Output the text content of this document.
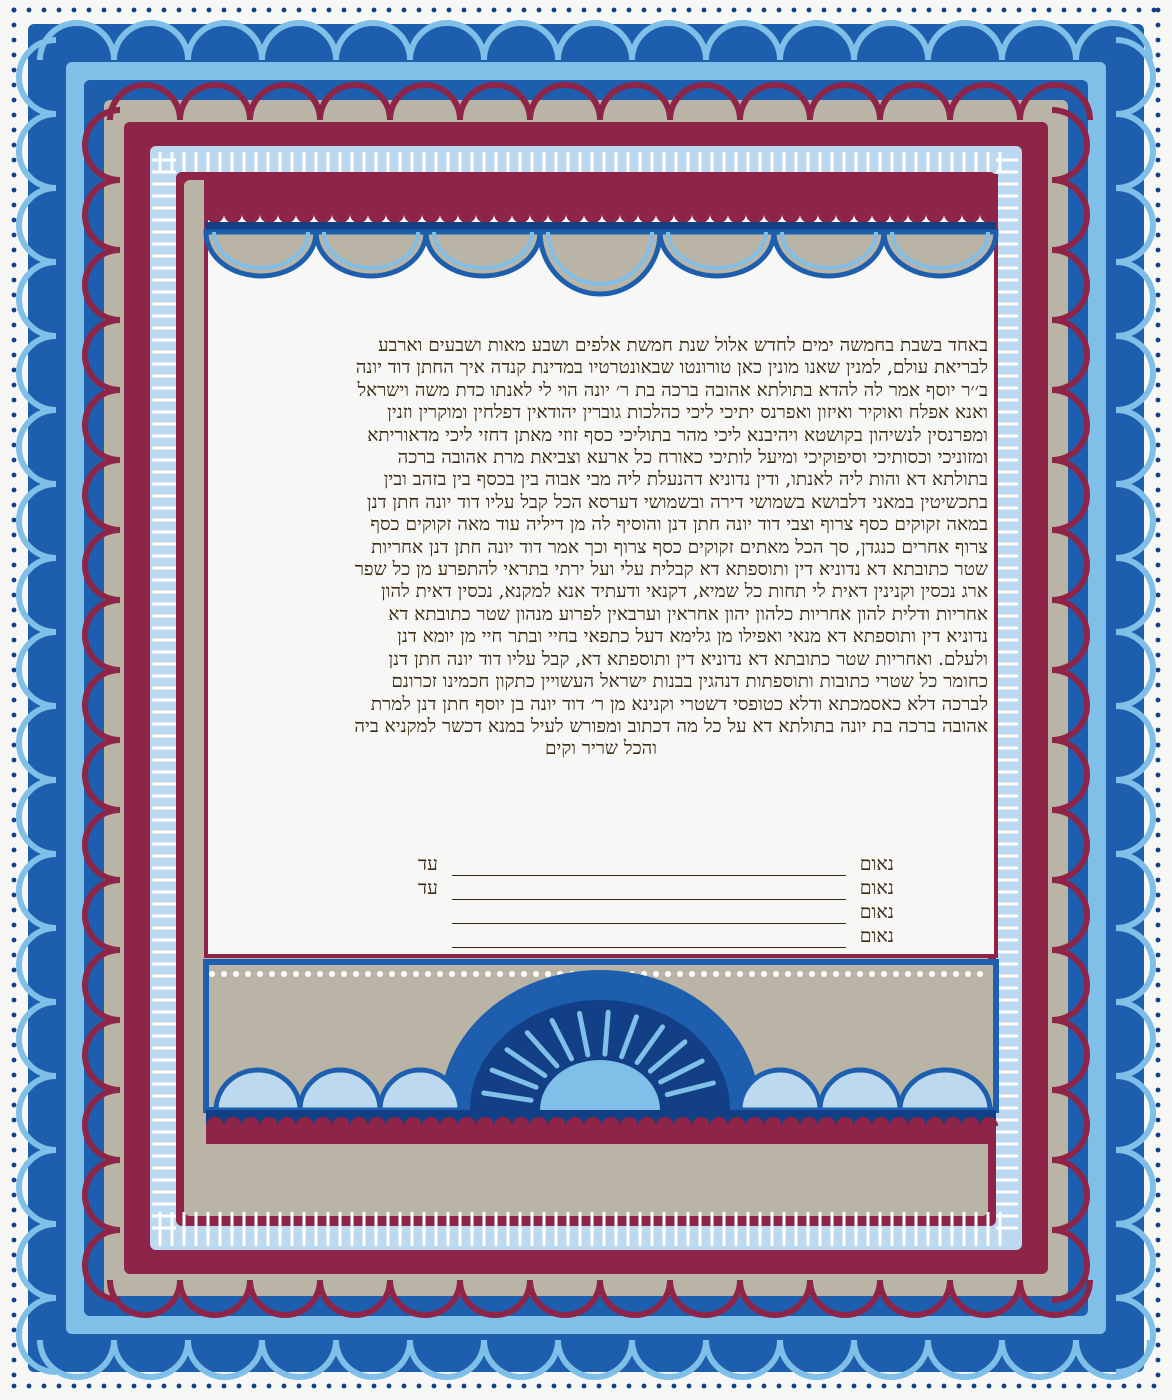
באחד בשבת בחמשה ימים לחדש אלול שנת חמשת אלפים ושבע מאות ושבעים וארבע
לבריאת עולם, למנין שאנו מונין כאן טורונטו שבאונטרטיו במדינת קנדה איך החתן דוד יונה
ב׳׳ר יוסף אמר לה להדא בתולתא אהובה ברכה בת ר׳ יונה הוי לי לאנתו כדת משה וישראל
ואנא אפלח ואוקיר ואיזון ואפרנס יתיכי ליכי כהלכות גוברין יהודאין דפלחין ומוקרין וזנין
ומפרנסין לנשיהון בקושטא ויהיבנא ליכי מהר בתוליכי כסף זוזי מאתן דחזי ליכי מדאוריתא
ומזוניכי וכסותיכי וסיפוקיכי ומיעל לותיכי כאורח כל ארעא וצביאת מרת אהובה ברכה
בתולתא דא והות ליה לאנתו, ודין נדוניא דהנעלת ליה מבי אבוה בין בכסף בין בזהב ובין
בתכשיטין במאני דלבושא בשמושי דירה ובשמושי דערסא הכל קבל עליו דוד יונה חתן דנן
במאה זקוקים כסף צרוף וצבי דוד יונה חתן דנן והוסיף לה מן דיליה עוד מאה זקוקים כסף
צרוף אחרים כנגדן, סך הכל מאתים זקוקים כסף צרוף וכך אמר דוד יונה חתן דנן אחריות
שטר כתובתא דא נדוניא דין ותוספתא דא קבלית עלי ועל ירתי בתראי להתפרע מן כל שפר
ארג נכסין וקנינין דאית לי תחות כל שמיא, דקנאי ודעתיד אנא למקנא, נכסין דאית להון
אחריות ודלית להון אחריות כלהון יהון אחראין וערבאין לפרוע מנהון שטר כתובתא דא
נדוניא דין ותוספתא דא מנאי ואפילו מן גלימא דעל כתפאי בחיי ובתר חיי מן יומא דנן
ולעלם. ואחריות שטר כתובתא דא נדוניא דין ותוספתא דא, קבל עליו דוד יונה חתן דנן
כחומר כל שטרי כתובות ותוספתות דנהגין בבנות ישראל העשויין כתקון חכמינו זכרונם
לברכה דלא כאסמכתא ודלא כטופסי דשטרי וקנינא מן ר׳ דוד יונה בן יוסף חתן דנן למרת
אהובה ברכה בת יונה בתולתא דא על כל מה דכתוב ומפורש לעיל במנא דכשר למקניא ביה
והכל שריר וקים
נאום
עד
נאום
עד
נאום
נאום
